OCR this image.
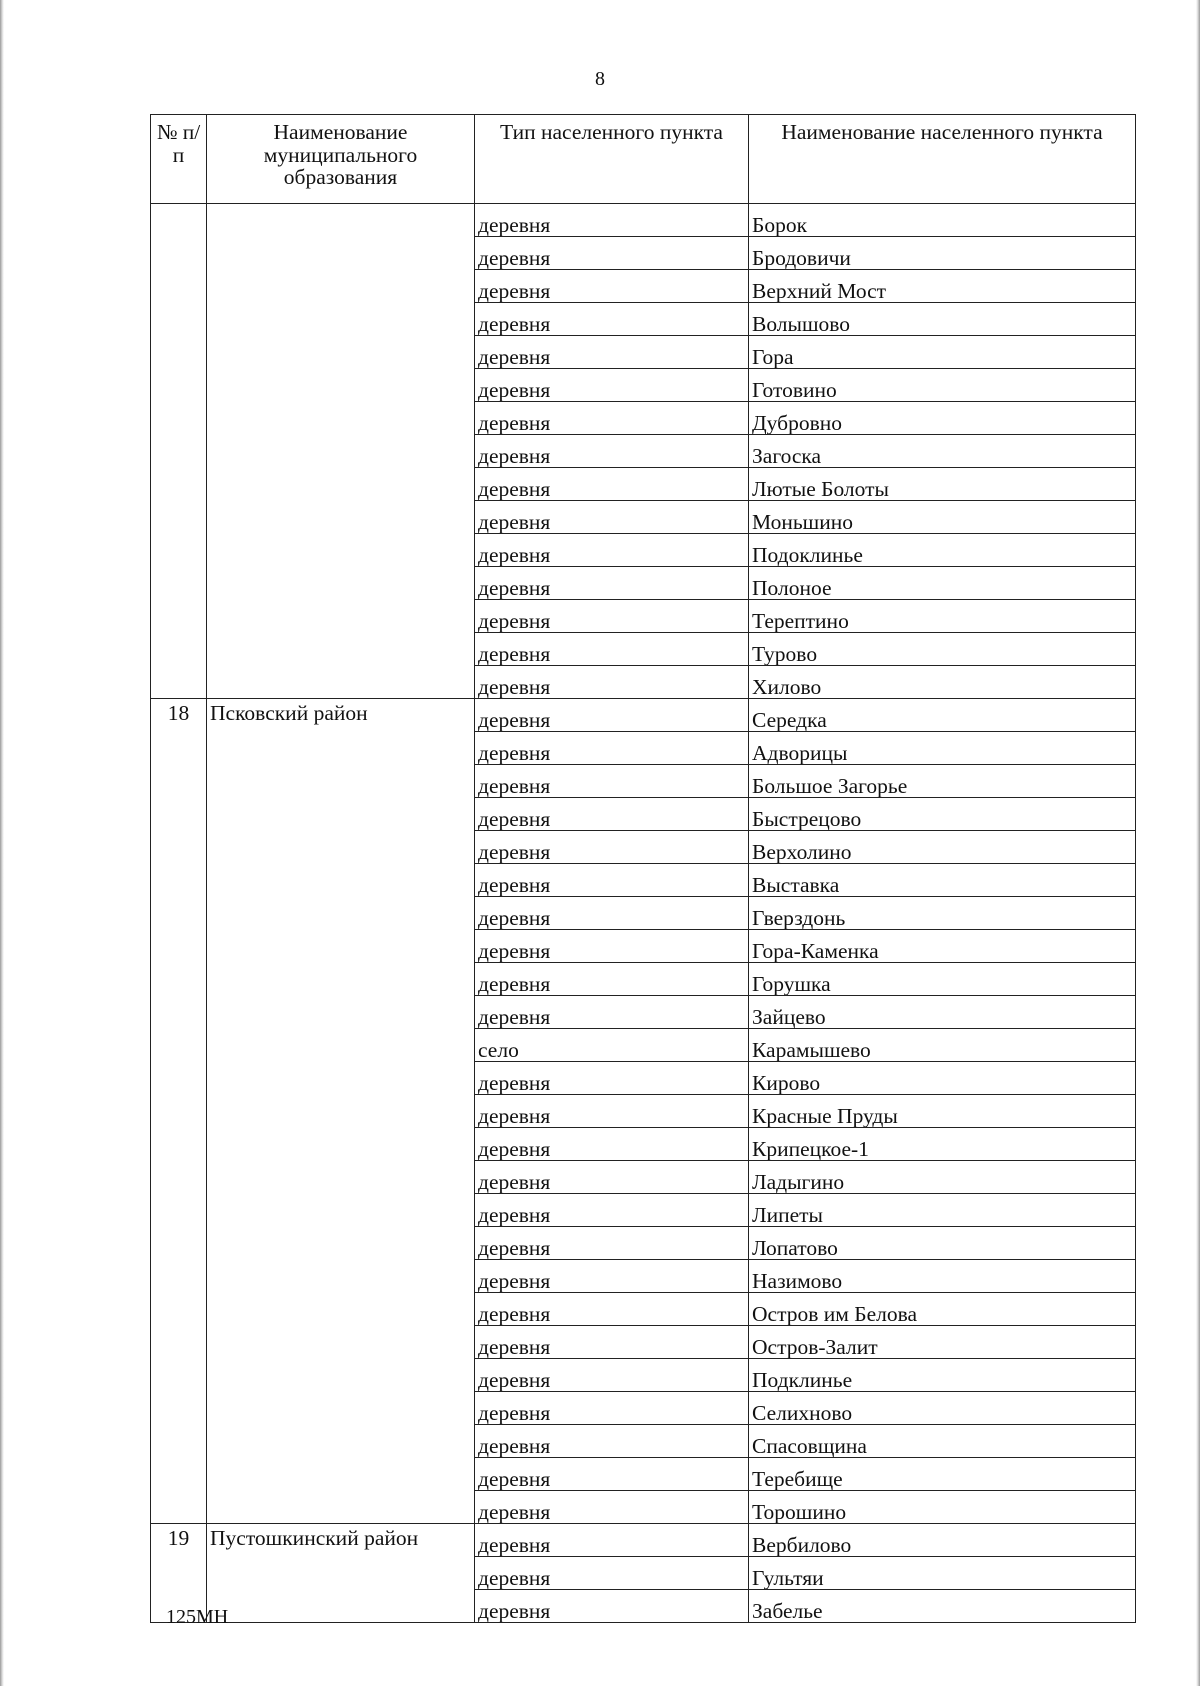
8
№ п/п	Наименование муниципального образования	Тип населенного пункта	Наименование населенного пункта
		деревня	Борок
		деревня	Бродовичи
		деревня	Верхний Мост
		деревня	Волышово
		деревня	Гора
		деревня	Готовино
		деревня	Дубровно
		деревня	Загоска
		деревня	Лютые Болоты
		деревня	Моньшино
		деревня	Подоклинье
		деревня	Полоное
		деревня	Терептино
		деревня	Турово
		деревня	Хилово
18	Псковский район	деревня	Середка
		деревня	Адворицы
		деревня	Большое Загорье
		деревня	Быстрецово
		деревня	Верхолино
		деревня	Выставка
		деревня	Гверздонь
		деревня	Гора-Каменка
		деревня	Горушка
		деревня	Зайцево
		село	Карамышево
		деревня	Кирово
		деревня	Красные Пруды
		деревня	Крипецкое-1
		деревня	Ладыгино
		деревня	Липеты
		деревня	Лопатово
		деревня	Назимово
		деревня	Остров им Белова
		деревня	Остров-Залит
		деревня	Подклинье
		деревня	Селихново
		деревня	Спасовщина
		деревня	Теребище
		деревня	Торошино
19	Пустошкинский район	деревня	Вербилово
		деревня	Гультяи
		деревня	Забелье
125МН
